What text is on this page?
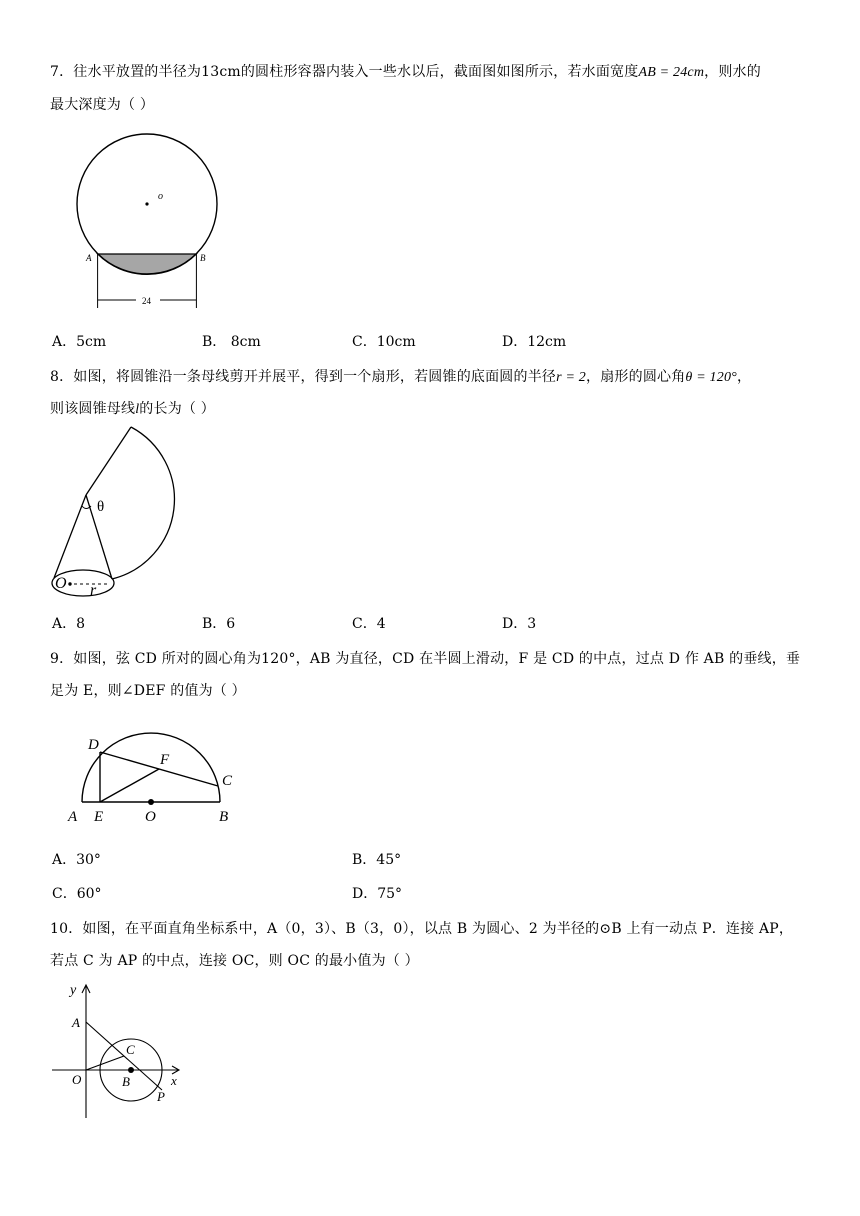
7．往水平放置的半径为13cm的圆柱形容器内装入一些水以后，截面图如图所示，若水面宽度AB = 24cm，则水的
最大深度为（ ）
o
A	B
24
A．5cm	B． 8cm	C．10cm	D．12cm
8．如图，将圆锥沿一条母线剪开并展平，得到一个扇形，若圆锥的底面圆的半径r = 2，扇形的圆心角θ = 120°，
则该圆锥母线l的长为（ ）
θ
O r
A．8	B．6	C．4	D．3
9．如图，弦 CD 所对的圆心角为120°，AB 为直径，CD 在半圆上滑动，F 是 CD 的中点，过点 D 作 AB 的垂线，垂
足为 E，则∠DEF 的值为（ ）
D
F
C
A E	O	B
A．30°	B．45°
C．60°	D．75°
10．如图，在平面直角坐标系中，A（0，3）、B（3，0），以点 B 为圆心、2 为半径的⊙B 上有一动点 P．连接 AP，
若点 C 为 AP 的中点，连接 OC，则 OC 的最小值为（ ）
y
x
A
O	B
C
P
